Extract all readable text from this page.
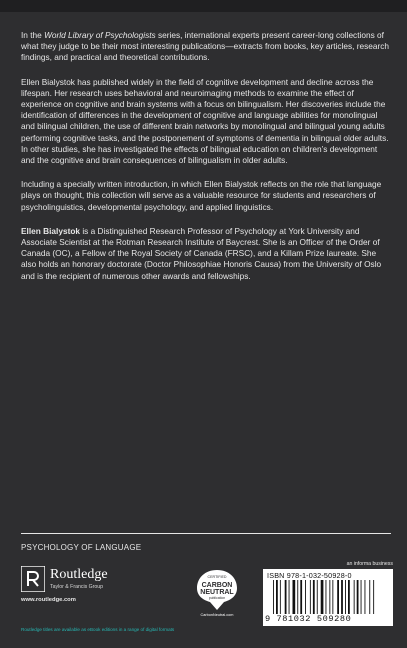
In the World Library of Psychologists series, international experts present career-long collections of what they judge to be their most interesting publications—extracts from books, key articles, research findings, and practical and theoretical contributions.

Ellen Bialystok has published widely in the field of cognitive development and decline across the lifespan. Her research uses behavioral and neuroimaging methods to examine the effect of experience on cognitive and brain systems with a focus on bilingualism. Her discoveries include the identification of differences in the development of cognitive and language abilities for monolingual and bilingual children, the use of different brain networks by monolingual and bilingual young adults performing cognitive tasks, and the postponement of symptoms of dementia in bilingual older adults. In other studies, she has investigated the effects of bilingual education on children’s development and the cognitive and brain consequences of bilingualism in older adults.

Including a specially written introduction, in which Ellen Bialystok reflects on the role that language plays on thought, this collection will serve as a valuable resource for students and researchers of psycholinguistics, developmental psychology, and applied linguistics.

Ellen Bialystok is a Distinguished Research Professor of Psychology at York University and Associate Scientist at the Rotman Research Institute of Baycrest. She is an Officer of the Order of Canada (OC), a Fellow of the Royal Society of Canada (FRSC), and a Killam Prize laureate. She also holds an honorary doctorate (Doctor Philosophiae Honoris Causa) from the University of Oslo and is the recipient of numerous other awards and fellowships.

PSYCHOLOGY OF LANGUAGE
Routledge
Taylor & Francis Group
www.routledge.com
Routledge titles are available as eBook editions in a range of digital formats
CERTIFIED
CARBON
NEUTRAL
publication
CarbonNeutral.com
an informa business
ISBN 978-1-032-50928-0
9 781032 509280
